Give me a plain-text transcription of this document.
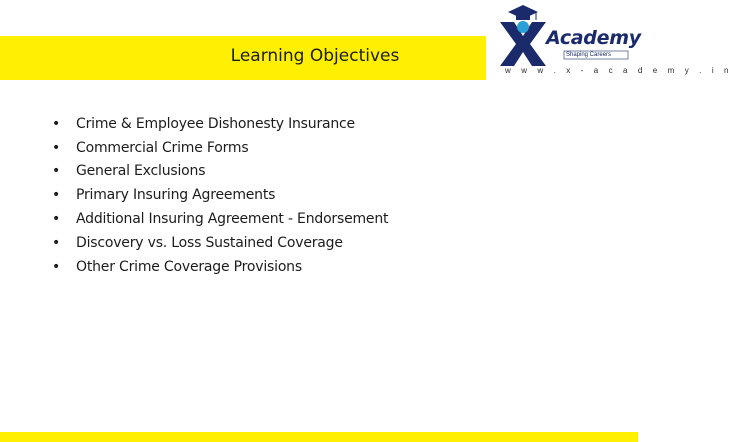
Learning Objectives
Academy
Shaping Careers
w w w . x - a c a d e m y . i n
•	Crime & Employee Dishonesty Insurance
•	Commercial Crime Forms
•	General Exclusions
•	Primary Insuring Agreements
•	Additional Insuring Agreement - Endorsement
•	Discovery vs. Loss Sustained Coverage
•	Other Crime Coverage Provisions
